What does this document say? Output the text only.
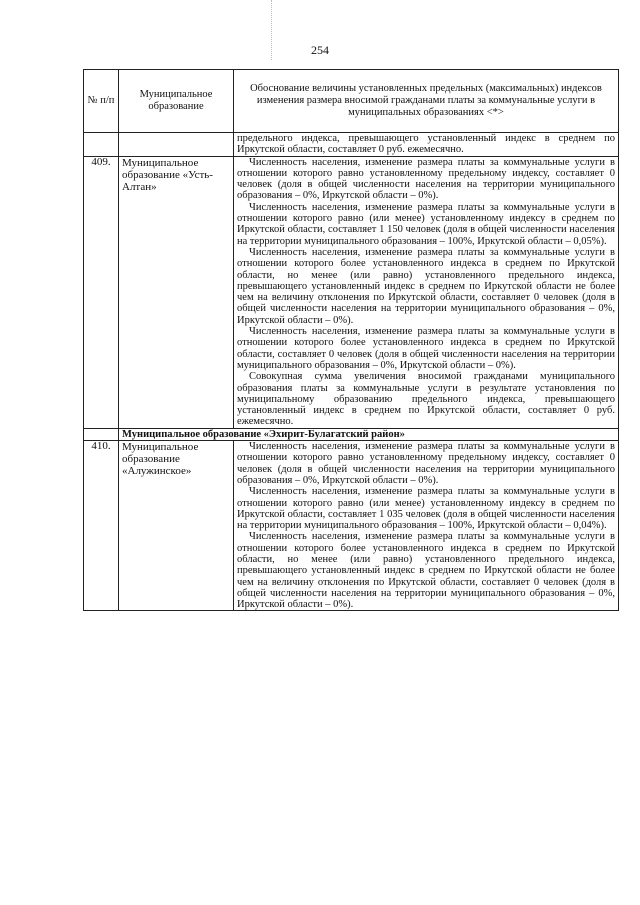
254
№ п/п	Муниципальное образование	Обоснование величины установленных предельных (максимальных) индексов изменения размера вносимой гражданами платы за коммунальные услуги в муниципальных образованиях <*>

		предельного индекса, превышающего установленный индекс в среднем по Иркутской области, составляет 0 руб. ежемесячно.

409.	Муниципальное образование «Усть-Алтан»	Численность населения, изменение размера платы за коммунальные услуги в отношении которого равно установленному предельному индексу, составляет 0 человек (доля в общей численности населения на территории муниципального образования – 0%, Иркутской области – 0%).

Численность населения, изменение размера платы за коммунальные услуги в отношении которого равно (или менее) установленному индексу в среднем по Иркутской области, составляет 1 150 человек (доля в общей численности населения на территории муниципального образования – 100%, Иркутской области – 0,05%).

Численность населения, изменение размера платы за коммунальные услуги в отношении которого более установленного индекса в среднем по Иркутской области, но менее (или равно) установленного предельного индекса, превышающего установленный индекс в среднем по Иркутской области не более чем на величину отклонения по Иркутской области, составляет 0 человек (доля в общей численности населения на территории муниципального образования – 0%, Иркутской области – 0%).

Численность населения, изменение размера платы за коммунальные услуги в отношении которого более установленного индекса в среднем по Иркутской области, составляет 0 человек (доля в общей численности населения на территории муниципального образования – 0%, Иркутской области – 0%).

Совокупная сумма увеличения вносимой гражданами муниципального образования платы за коммунальные услуги в результате установления по муниципальному образованию предельного индекса, превышающего установленный индекс в среднем по Иркутской области, составляет 0 руб. ежемесячно.

	Муниципальное образование «Эхирит-Булагатский район»	
410.	Муниципальное образование «Алужинское»	Численность населения, изменение размера платы за коммунальные услуги в отношении которого равно установленному предельному индексу, составляет 0 человек (доля в общей численности населения на территории муниципального образования – 0%, Иркутской области – 0%).

Численность населения, изменение размера платы за коммунальные услуги в отношении которого равно (или менее) установленному индексу в среднем по Иркутской области, составляет 1 035 человек (доля в общей численности населения на территории муниципального образования – 100%, Иркутской области – 0,04%).

Численность населения, изменение размера платы за коммунальные услуги в отношении которого более установленного индекса в среднем по Иркутской области, но менее (или равно) установленного предельного индекса, превышающего установленный индекс в среднем по Иркутской области не более чем на величину отклонения по Иркутской области, составляет 0 человек (доля в общей численности населения на территории муниципального образования – 0%, Иркутской области – 0%).
